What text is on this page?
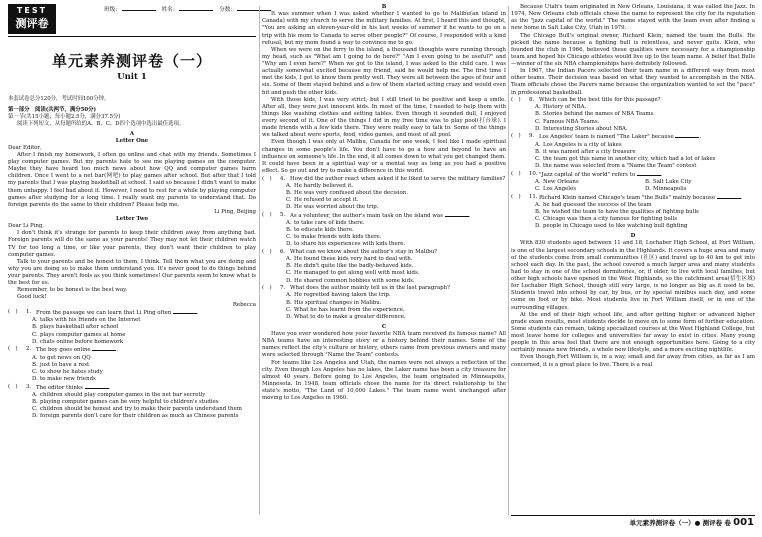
TEST
测评卷
班级：	姓名：	分数：
单元素养测评卷（一）
Unit 1
本套试卷总分120分，考试时间100分钟。
第一部分　阅读(共两节，满分50分)
第一节(共15小题；每小题2.5分，满分37.5分)
阅读下列短文，从每题所给的A、B、C、D四个选项中选出最佳选项。
A
Letter One
Dear Editor,
After I finish my homework, I often go online and chat with my friends. Sometimes I play computer games. But my parents hate to see me playing games on the computer. Maybe they have heard too much news about how QQ and computer games harm children. Once I went to a net bar(网吧) to play games after school. But after that I told my parents that I was playing basketball at school. I said so because I didn't want to make them unhappy. I feel bad about it. However, I need to rest for a while by playing computer games after studying for a long time. I really want my parents to understand that. Do foreign parents do the same to their children? Please help me.
Li Ping, Beijing
Letter Two
Dear Li Ping,
I don't think it's strange for parents to keep their children away from anything bad. Foreign parents will do the same as your parents! They may not let their children watch TV for too long a time, or like your parents, they don't want their children to play computer games.
Talk to your parents and be honest to them, I think. Tell them what you are doing and why you are doing so to make them understand you. It's never good to do things behind your parents. They aren't fools as you think sometimes! Our parents seem to know what is the best for us.
Remember, to be honest is the best way.
Good luck!
Rebecca
(　)	1. From the passage we can learn that Li Ping often	.
A. talks with his friends on the Internet
B. plays basketball after school
C. plays computer games at home
D. chats online before homework
(　)	2. The boy goes online	.
A. to get news on QQ
B. just to have a rest
C. to show he hates study
D. to make new friends
(　)	3. The editor thinks	.
A. children should play computer games in the net bar secretly
B. playing computer games can be very helpful to children's studies
C. children should be honest and try to make their parents understand them
D. foreign parents don't care for their children as much as Chinese parents
B
It was summer when I was asked whether I wanted to go to Malibu(an island in Canada) with my church to serve the military families. At first, I heard this and thought, "You are asking an eleven-year-old in his last weeks of summer if he wants to go on a trip with his mom to Canada to serve other people?" Of course, I responded with a kind refusal, but my mom found a way to convince me to go.
When we were on the ferry to the island, a thousand thoughts were running through my head, such as "What am I going to do here?" "Am I even going to be useful?" and "Why am I even here?" When we got to the island, I was asked to the child care. I was actually somewhat excited because my friend, said he would help me. The first time I met the kids, I got to know them pretty well. They were all between the ages of four and six. Some of them stayed behind and a few of them started acting crazy and would even hit and push the other kids.
With those kids, I was very strict, but I still tried to be positive and keep a smile. After all, they were just innocent kids. In most of the time, I needed to help them with things like washing clothes and setting tables. Even though it sounded dull, I enjoyed every second of it. One of the things I did in my free time was to play pool(打台球). I made friends with a few kids there. They were really easy to talk to. Some of the things we talked about were sports, food, video games, and most of all pool.
Even though I was only at Malibu, Canada for one week, I feel like I made spiritual changes in some people's life. You don't have to go a how and beyond to have an influence on someone's life. In the end, it all comes down to what you got changed them. It could have been in a spiritual way or a mental way as long as you had a positive effect. So go out and try to make a difference in this world.
(　)	4. How did the author react when asked if he liked to serve the military families?
A. He hardly believed it.
B. He was very confused about the decision.
C. He refused to accept it.
D. He was worried about the trip.
(　)	5. As a volunteer, the author's main task on the island was	.
A. to take care of kids there.
B. to educate kids there.
C. to make friends with kids there.
D. to share his experiences with kids there.
(　)	6. What can we know about the author's stay in Malibu?
A. He found these kids very hard to deal with.
B. He didn't quite like the badly-behaved kids.
C. He managed to get along well with most kids.
D. He shared common hobbies with some kids.
(　)	7. What does the author mainly tell us in the last paragraph?
A. He regretted having taken the trip.
B. His spiritual changes in Malibu.
C. What he has learnt from the experience.
D. What to do to make a greater difference.
C
Have you ever wondered how your favorite NBA team received its famous name? All NBA teams have an interesting story or a history behind their names. Some of the names reflect the city's culture or history, others came from previous owners and many were selected through "Name the Team" contests.
For teams like Los Angeles and Utah, the names were not always a reflection of the city. Even though Los Angeles has no lakes, the Laker name has been a city treasure for almost 40 years. Before going to Los Angeles, the team originated in Minneapolis, Minnesota. In 1948, team officials chose the name for its direct relationship to the state's motto, "The Land of 10,000 Lakes." The team name went unchanged after moving to Los Angeles in 1960.
Because Utah's team originated in New Orleans, Louisiana, it was called the Jazz. In 1974, New Orleans club officials chose the name to represent the city for its reputation as the "jazz capital of the world." The name stayed with the team even after finding a new home in Salt Lake City, Utah in 1979.
The Chicago Bull's original owner, Richard Klein, named the team the Bulls. He picked the name because a fighting bull is relentless, and never quits. Klein, who founded the club in 1966, believed these qualities were necessary for a championship team and hoped his Chicago athletes would live up to the team name. A belief that Bulls—winner of the six NBA championships have definitely followed.
In 1967, the Indian Pacers selected their team name in a different way from most other teams. Their decision was based on what they wanted to accomplish in the NBA. Team officials chose the Pacers name because the organization wanted to set the "pace" in professional basketball.
(　)	8. Which can be the best title for this passage?
A. History of NBA.
B. Stories behind the names of NBA Teams.
C. Famous NBA Teams.
D. Interesting Stories about NBA.
(　)	9. Los Angeles' team is named "The Laker" because	.
A. Los Angeles is a city of lakes
B. it was named after a city treasure
C. the team got this name in another city, which had a lot of lakes
D. the name was selected from a "Name the Team" contest
(　)	10. "Jazz capital of the world" refers to	.
A. New Orleans	B. Salt Lake City
C. Los Angeles	D. Minneapolis
(　)	11. Richard Klein named Chicago's team "the Bulls" mainly because	.
A. he had guessed the success of the team
B. he wished the team to have the qualities of fighting bulls
C. Chicago was then a city famous for fighting bulls
D. people in Chicago used to like watching bull fighting
D
With 830 students aged between 11 and 18, Lochaber High School, at Fort William, is one of the largest secondary schools in the Highlands. It covers a huge area and many of the students come from small communities (社区) and travel up to 40 km to get into school each day. In the past, the school covered a much larger area and many students had to stay in one of the school dormitories, or, if older, to live with local families, but other high schools have opened in the West Highlands, so the catchment area(招生区域) for Lochaber High School, though still very large, is no longer as big as it used to be. Students travel into school by car, by bus, or by special minibus each day, and some come on foot or by bike. Most students live in Fort William itself, or in one of the surrounding villages.
At the end of their high school life, and after getting higher or advanced higher grade exam results, most students decide to move on to some form of further education. Some students can remain, taking specialized courses at the West Highland College, but most leave home for colleges and universities far away to exist in cities. Many young people in this area feel that there are not enough opportunities here. Going to a city certainly means new friends, a whole new lifestyle, and a more exciting nightlife.
Even though Fort William is, in a way, small and far away from cities, as far as I am concerned, it is a great place to live. There is a real
单元素养测评卷（一）● 测评卷 卷 001
